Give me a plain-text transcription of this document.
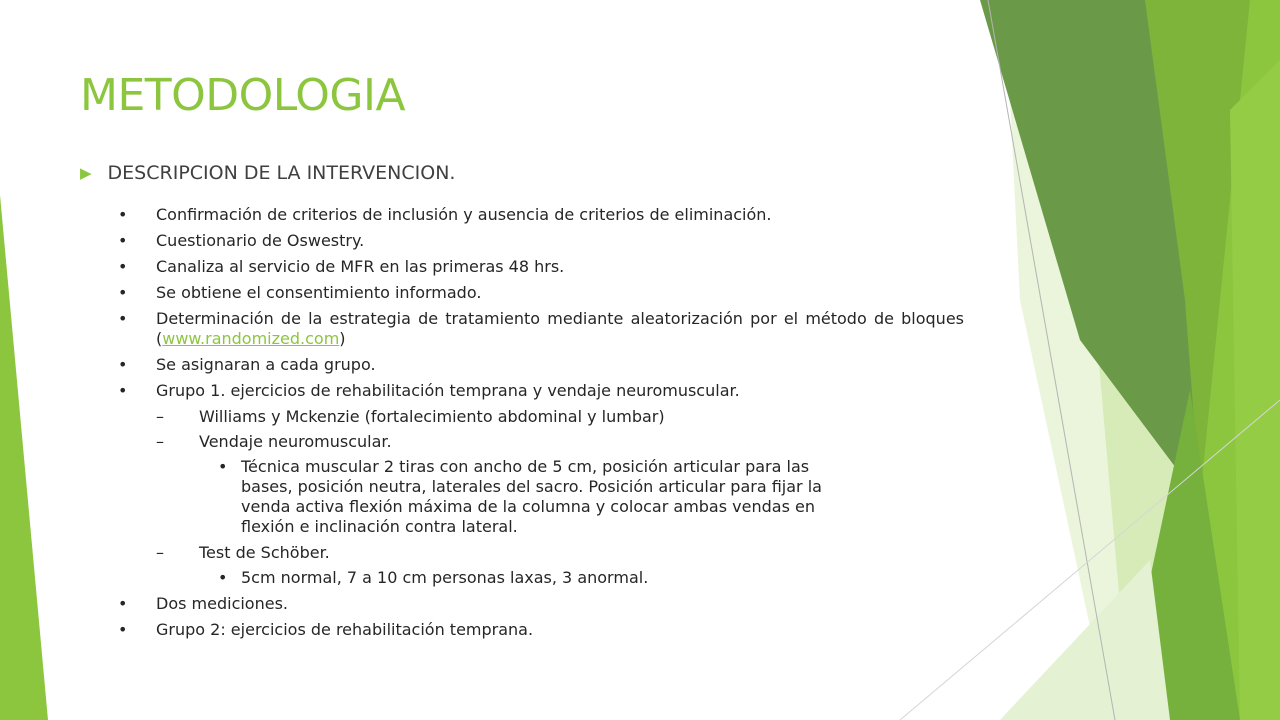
METODOLOGIA
▶ DESCRIPCION DE LA INTERVENCION.
• Confirmación de criterios de inclusión y ausencia de criterios de eliminación.
• Cuestionario de Oswestry.
• Canaliza al servicio de MFR en las primeras 48 hrs.
• Se obtiene el consentimiento informado.
• Determinación de la estrategia de tratamiento mediante aleatorización por el método de bloques (www.randomized.com)
• Se asignaran a cada grupo.
• Grupo 1. ejercicios de rehabilitación temprana y vendaje neuromuscular.
– Williams y Mckenzie (fortalecimiento abdominal y lumbar)
– Vendaje neuromuscular.
• Técnica muscular 2 tiras con ancho de 5 cm, posición articular para las bases, posición neutra, laterales del sacro. Posición articular para fijar la venda activa flexión máxima de la columna y colocar ambas vendas en flexión e inclinación contra lateral.
– Test de Schöber.
• 5cm normal, 7 a 10 cm personas laxas, 3 anormal.
• Dos mediciones.
• Grupo 2: ejercicios de rehabilitación temprana.
